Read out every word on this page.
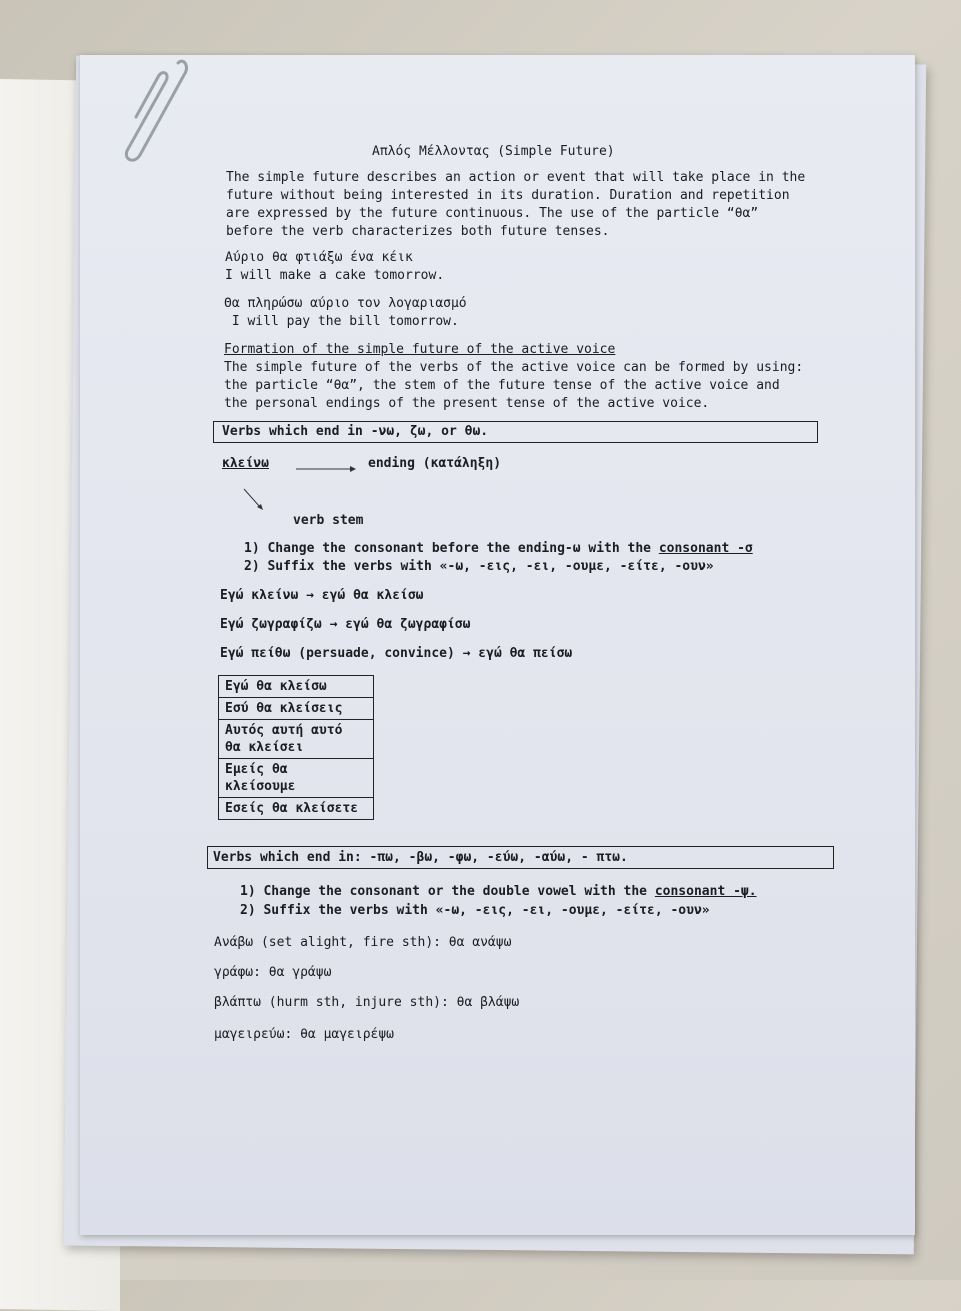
Απλός Μέλλοντας (Simple Future)
The simple future describes an action or event that will take place in the
future without being interested in its duration. Duration and repetition
are expressed by the future continuous. The use of the particle “θα”
before the verb characterizes both future tenses.
Αύριο θα φτιάξω ένα κέικ
I will make a cake tomorrow.
Θα πληρώσω αύριο τον λογαριασμό
I will pay the bill tomorrow.
Formation of the simple future of the active voice
The simple future of the verbs of the active voice can be formed by using:
the particle “θα”, the stem of the future tense of the active voice and
the personal endings of the present tense of the active voice.
Verbs which end in -νω, ζω, or θω.
κλείνω	ending (κατάληξη)
verb stem
1) Change the consonant before the ending-ω with the consonant -σ
2) Suffix the verbs with «-ω, -εις, -ει, -ουμε, -είτε, -ουν»
Εγώ κλείνω → εγώ θα κλείσω
Εγώ ζωγραφίζω → εγώ θα ζωγραφίσω
Εγώ πείθω (persuade, convince) → εγώ θα πείσω
Εγώ θα κλείσω
Εσύ θα κλείσεις
Αυτός αυτή αυτό
θα κλείσει
Εμείς θα
κλείσουμε
Εσείς θα κλείσετε
Verbs which end in: -πω, -βω, -φω, -εύω, -αύω, - πτω.
1) Change the consonant or the double vowel with the consonant -ψ.
2) Suffix the verbs with «-ω, -εις, -ει, -ουμε, -είτε, -ουν»
Ανάβω (set alight, fire sth): θα ανάψω
γράφω: θα γράψω
βλάπτω (hurm sth, injure sth): θα βλάψω
μαγειρεύω: θα μαγειρέψω
